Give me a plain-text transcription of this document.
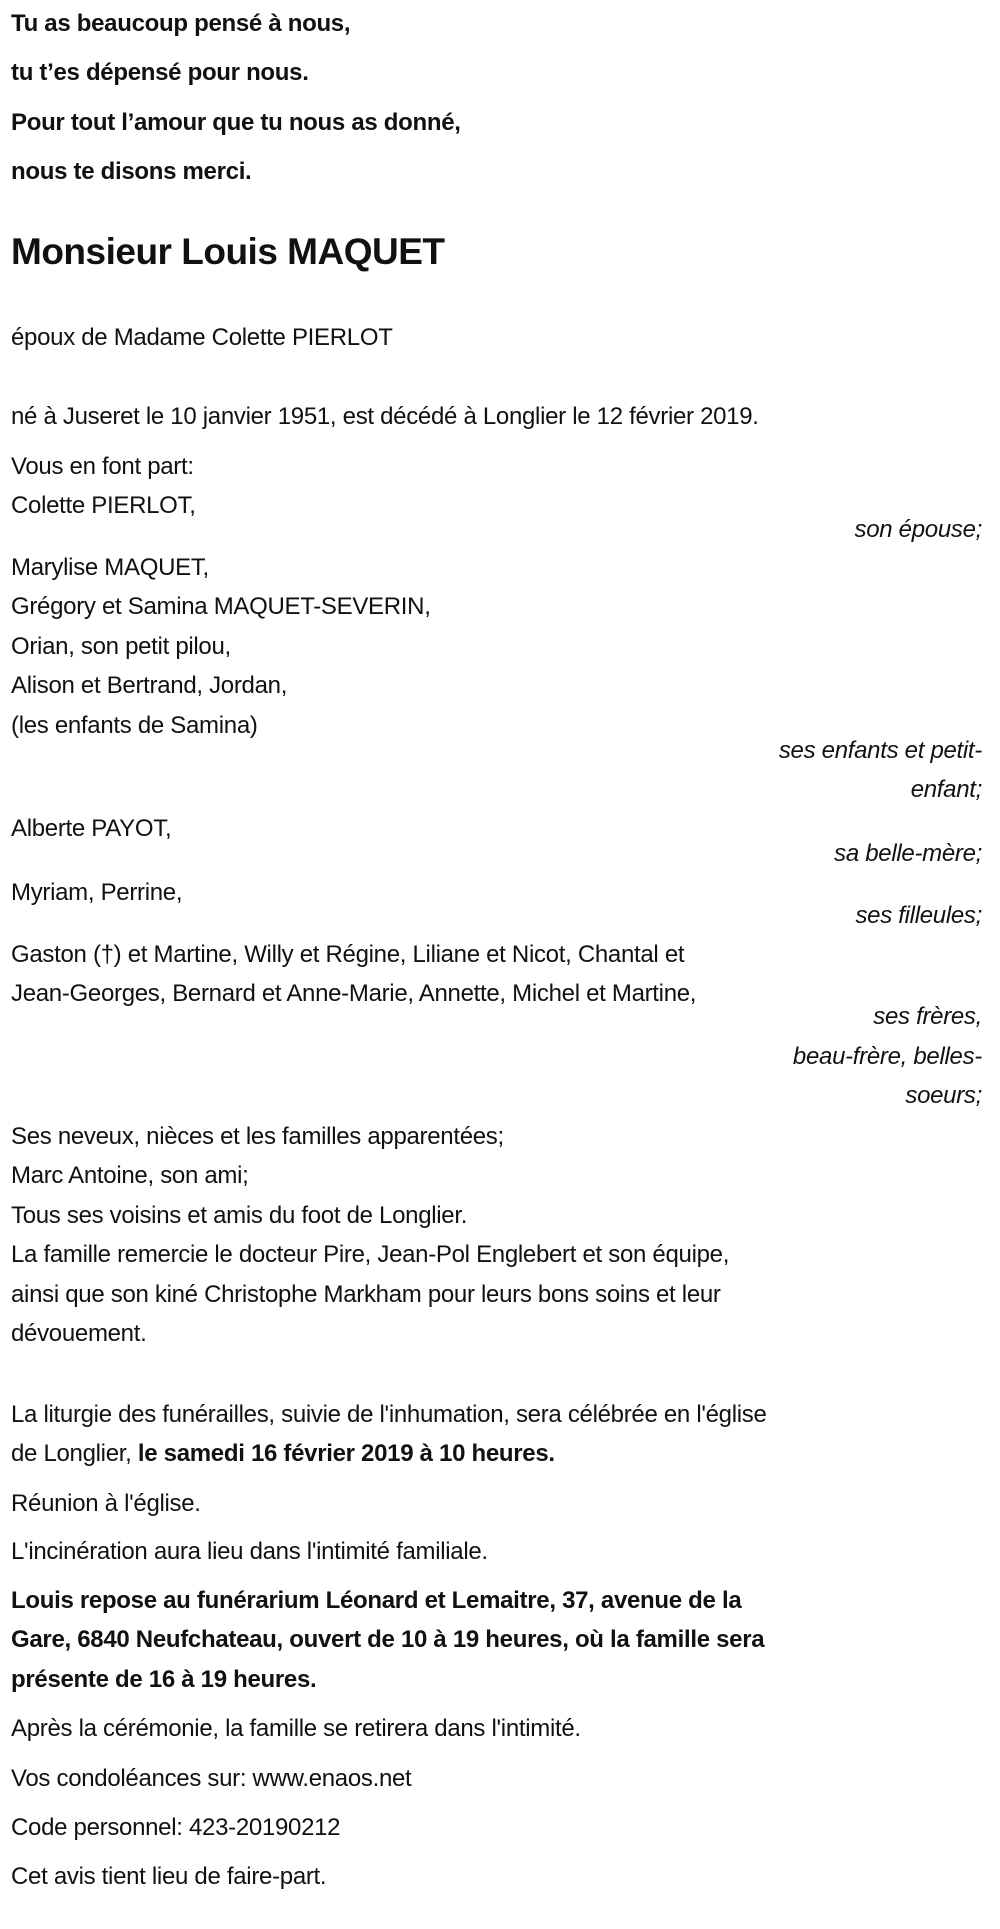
Tu as beaucoup pensé à nous,
tu t’es dépensé pour nous.
Pour tout l’amour que tu nous as donné,
nous te disons merci.
Monsieur Louis MAQUET
époux de Madame Colette PIERLOT
né à Juseret le 10 janvier 1951, est décédé à Longlier le 12 février 2019.
Vous en font part:
Colette PIERLOT,
son épouse;
Marylise MAQUET,
Grégory et Samina MAQUET-SEVERIN,
Orian, son petit pilou,
Alison et Bertrand, Jordan,
(les enfants de Samina)
ses enfants et petit-
enfant;
Alberte PAYOT,
sa belle-mère;
Myriam, Perrine,
ses filleules;
Gaston (†) et Martine, Willy et Régine, Liliane et Nicot, Chantal et
Jean-Georges, Bernard et Anne-Marie, Annette, Michel et Martine,
ses frères,
beau-frère, belles-
soeurs;
Ses neveux, nièces et les familles apparentées;
Marc Antoine, son ami;
Tous ses voisins et amis du foot de Longlier.
La famille remercie le docteur Pire, Jean-Pol Englebert et son équipe,
ainsi que son kiné Christophe Markham pour leurs bons soins et leur
dévouement.
La liturgie des funérailles, suivie de l'inhumation, sera célébrée en l'église
de Longlier, le samedi 16 février 2019 à 10 heures.
Réunion à l'église.
L'incinération aura lieu dans l'intimité familiale.
Louis repose au funérarium Léonard et Lemaitre, 37, avenue de la
Gare, 6840 Neufchateau, ouvert de 10 à 19 heures, où la famille sera
présente de 16 à 19 heures.
Après la cérémonie, la famille se retirera dans l'intimité.
Vos condoléances sur: www.enaos.net
Code personnel: 423-20190212
Cet avis tient lieu de faire-part.
